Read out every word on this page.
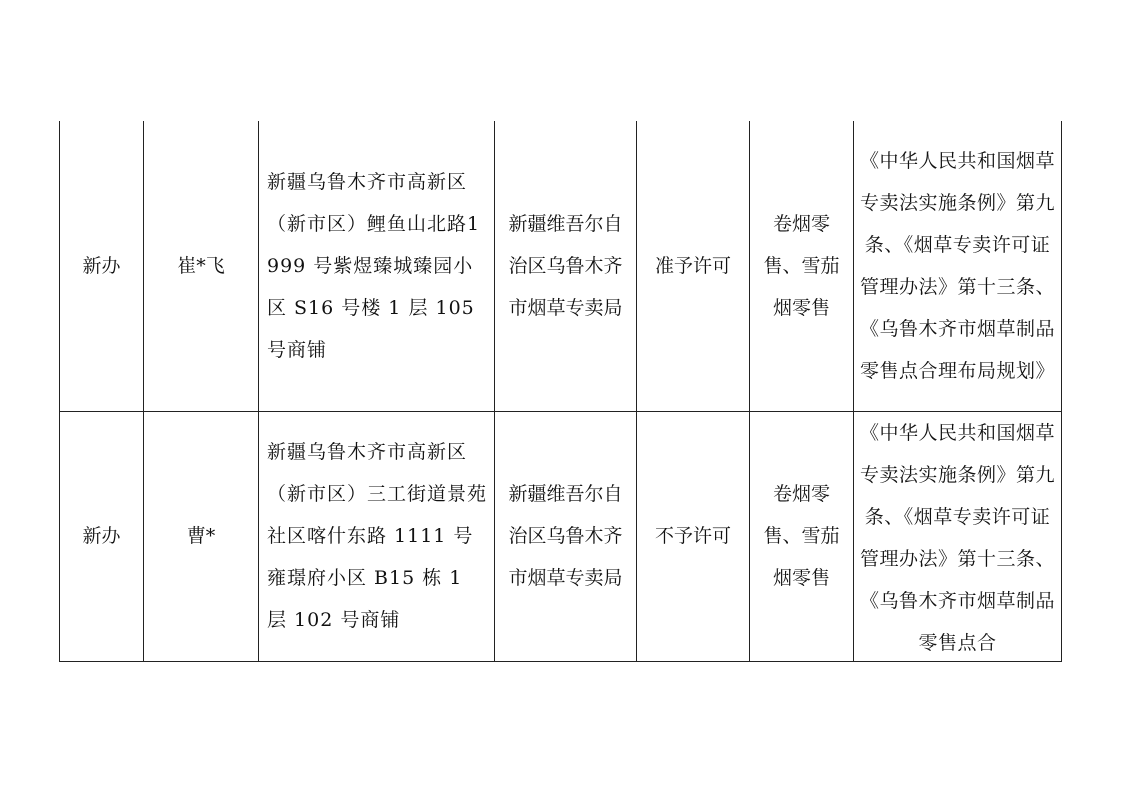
新办	崔*飞	新疆乌鲁木齐市高新区（新市区）鲤鱼山北路1999 号紫煜臻城臻园小区 S16 号楼 1 层 105 号商铺	新疆维吾尔自治区乌鲁木齐市烟草专卖局	准予许可	卷烟零售、雪茄烟零售	《中华人民共和国烟草专卖法实施条例》第九条、《烟草专卖许可证管理办法》第十三条、《乌鲁木齐市烟草制品零售点合理布局规划》
新办	曹*	新疆乌鲁木齐市高新区（新市区）三工街道景苑社区喀什东路 1111 号雍璟府小区 B15 栋 1 层 102 号商铺	新疆维吾尔自治区乌鲁木齐市烟草专卖局	不予许可	卷烟零售、雪茄烟零售	《中华人民共和国烟草专卖法实施条例》第九条、《烟草专卖许可证管理办法》第十三条、《乌鲁木齐市烟草制品零售点合
